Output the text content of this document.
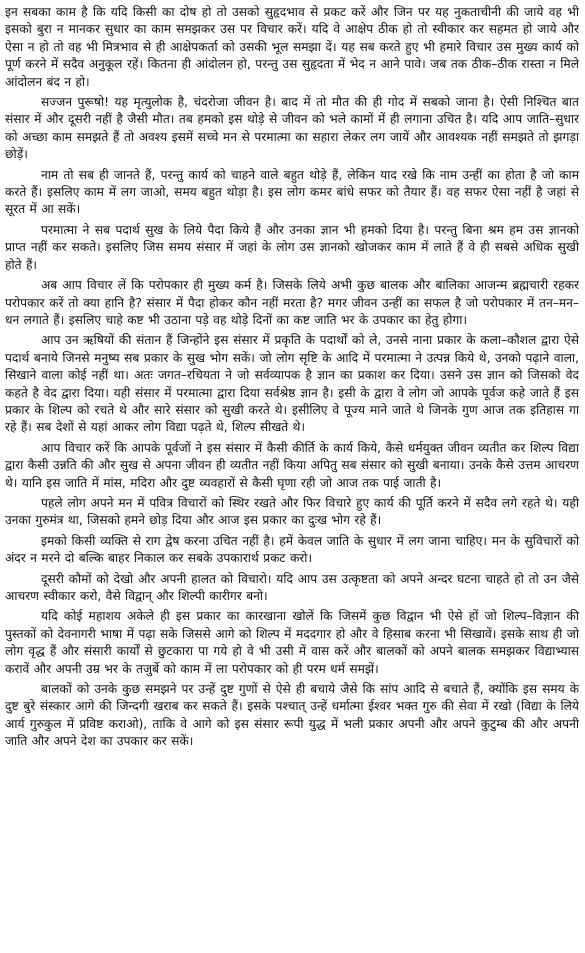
इन सबका काम है कि यदि किसी का दोष हो तो उसको सुहृदभाव से प्रकट करें और जिन पर यह नुकताचीनी की जाये वह भी इसको बुरा न मानकर सुधार का काम समझकर उस पर विचार करें। यदि वे आक्षेप ठीक हो तो स्वीकार कर सहमत हो जाये और ऐसा न हो तो वह भी मित्रभाव से ही आक्षेपकर्ता को उसकी भूल समझा दें। यह सब करते हुए भी हमारे विचार उस मुख्य कार्य को पूर्ण करने में सदैव अनुकूल रहें। कितना ही आंदोलन हो, परन्तु उस सुहृदता में भेद न आने पावे। जब तक ठीक–ठीक रास्ता न मिले आंदोलन बंद न हो।

सज्जन पुरूषो! यह मृत्युलोक है, चंदरोजा जीवन है। बाद में तो मौत की ही गोद में सबको जाना है। ऐसी निश्चित बात संसार में और दूसरी नहीं है जैसी मौत। तब हमको इस थोड़े से जीवन को भले कामों में ही लगाना उचित है। यदि आप जाति–सुधार को अच्छा काम समझते हैं तो अवश्य इसमें सच्चे मन से परमात्मा का सहारा लेकर लग जायें और आवश्यक नहीं समझते तो झगड़ा छोड़ें।

नाम तो सब ही जानते हैं, परन्तु कार्य को चाहने वाले बहुत थोड़े हैं, लेकिन याद रखे कि नाम उन्हीं का होता है जो काम करते हैं। इसलिए काम में लग जाओ, समय बहुत थोड़ा है। इस लोग कमर बांधे सफर को तैयार हैं। वह सफर ऐसा नहीं है जहां से सूरत में आ सकें।

परमात्मा ने सब पदार्थ सुख के लिये पैदा किये हैं और उनका ज्ञान भी हमको दिया है। परन्तु बिना श्रम हम उस ज्ञानको प्राप्त नहीं कर सकते। इसलिए जिस समय संसार में जहां के लोग उस ज्ञानको खोजकर काम में लाते हैं वे ही सबसे अधिक सुखी होते हैं।

अब आप विचार लें कि परोपकार ही मुख्य कर्म है। जिसके लिये अभी कुछ बालक और बालिका आजन्म ब्रह्मचारी रहकर परोपकार करें तो क्या हानि है? संसार में पैदा होकर कौन नहीं मरता है? मगर जीवन उन्हीं का सफल है जो परोपकार में तन–मन–धन लगाते हैं। इसलिए चाहे कष्ट भी उठाना पड़े वह थोड़े दिनों का कष्ट जाति भर के उपकार का हेतु होगा।

आप उन ऋषियों की संतान हैं जिन्होंने इस संसार में प्रकृति के पदार्थों को ले, उनसे नाना प्रकार के कला–कौशल द्वारा ऐसे पदार्थ बनाये जिनसे मनुष्य सब प्रकार के सुख भोग सकें। जो लोग सृष्टि के आदि में परमात्मा ने उत्पन्न किये थे, उनको पढ़ाने वाला, सिखाने वाला कोई नहीं था। अतः जगत–रचियता ने जो सर्वव्यापक है ज्ञान का प्रकाश कर दिया। उसने उस ज्ञान को जिसको वेद कहते है वेद द्वारा दिया। यही संसार में परमात्मा द्वारा दिया सर्वश्रेष्ठ ज्ञान है। इसी के द्वारा वे लोग जो आपके पूर्वज कहे जाते हैं इस प्रकार के शिल्प को रचते थे और सारे संसार को सुखी करते थे। इसीलिए वे पूज्य माने जाते थे जिनके गुण आज तक इतिहास गा रहे हैं। सब देशों से यहां आकर लोग विद्या पढ़ते थे, शिल्प सीखते थे।

आप विचार करें कि आपके पूर्वजों ने इस संसार में कैसी कीर्ति के कार्य किये, कैसे धर्मयुक्त जीवन व्यतीत कर शिल्प विद्या द्वारा कैसी उन्नति की और सुख से अपना जीवन ही व्यतीत नहीं किया अपितु सब संसार को सुखी बनाया। उनके कैसे उत्तम आचरण थे। यानि इस जाति में मांस, मदिरा और दुष्ट व्यवहारों से कैसी घृणा रही जो आज तक पाई जाती है।

पहले लोग अपने मन में पवित्र विचारों को स्थिर रखते और फिर विचारे हुए कार्य की पूर्ति करने में सदैव लगे रहते थे। यही उनका गुरुमंत्र था, जिसको हमने छोड़ दिया और आज इस प्रकार का दुःख भोग रहे हैं।

इमको किसी व्यक्ति से राग द्वेष करना उचित नहीं है। हमें केवल जाति के सुधार में लग जाना चाहिए। मन के सुविचारों को अंदर न मरने दो बल्कि बाहर निकाल कर सबके उपकारार्थ प्रकट करो।

दूसरी कौमों को देखो और अपनी हालत को विचारो। यदि आप उस उत्कृष्टता को अपने अन्दर घटना चाहते हो तो उन जैसे आचरण स्वीकार करो, वैसे विद्वान् और शिल्पी कारीगर बनो।

यदि कोई महाशय अकेले ही इस प्रकार का कारखाना खोलें कि जिसमें कुछ विद्वान भी ऐसे हों जो शिल्प–विज्ञान की पुस्तकों को देवनागरी भाषा में पढ़ा सके जिससे आगे को शिल्प में मददगार हो और वे हिसाब करना भी सिखावें। इसके साथ ही जो लोग वृद्ध हैं और संसारी कार्यों से छुटकारा पा गये हो वे भी उसी में वास करें और बालकों को अपने बालक समझकर विद्याभ्यास करावें और अपनी उम्र भर के तजुर्बे को काम में ला परोपकार को ही परम धर्म समझें।

बालकों को उनके कुछ समझने पर उन्हें दुष्ट गुणों से ऐसे ही बचाये जैसे कि सांप आदि से बचाते हैं, क्योंकि इस समय के दुष्ट बुरे संस्कार आगे की जिन्दगी खराब कर सकते हैं। इसके पश्चात् उन्हें धर्मात्मा ईश्वर भक्त गुरु की सेवा में रखो (विद्या के लिये आर्य गुरुकुल में प्रविष्ट कराओ), ताकि वे आगे को इस संसार रूपी युद्ध में भली प्रकार अपनी और अपने कुटुम्ब की और अपनी जाति और अपने देश का उपकार कर सकें।
